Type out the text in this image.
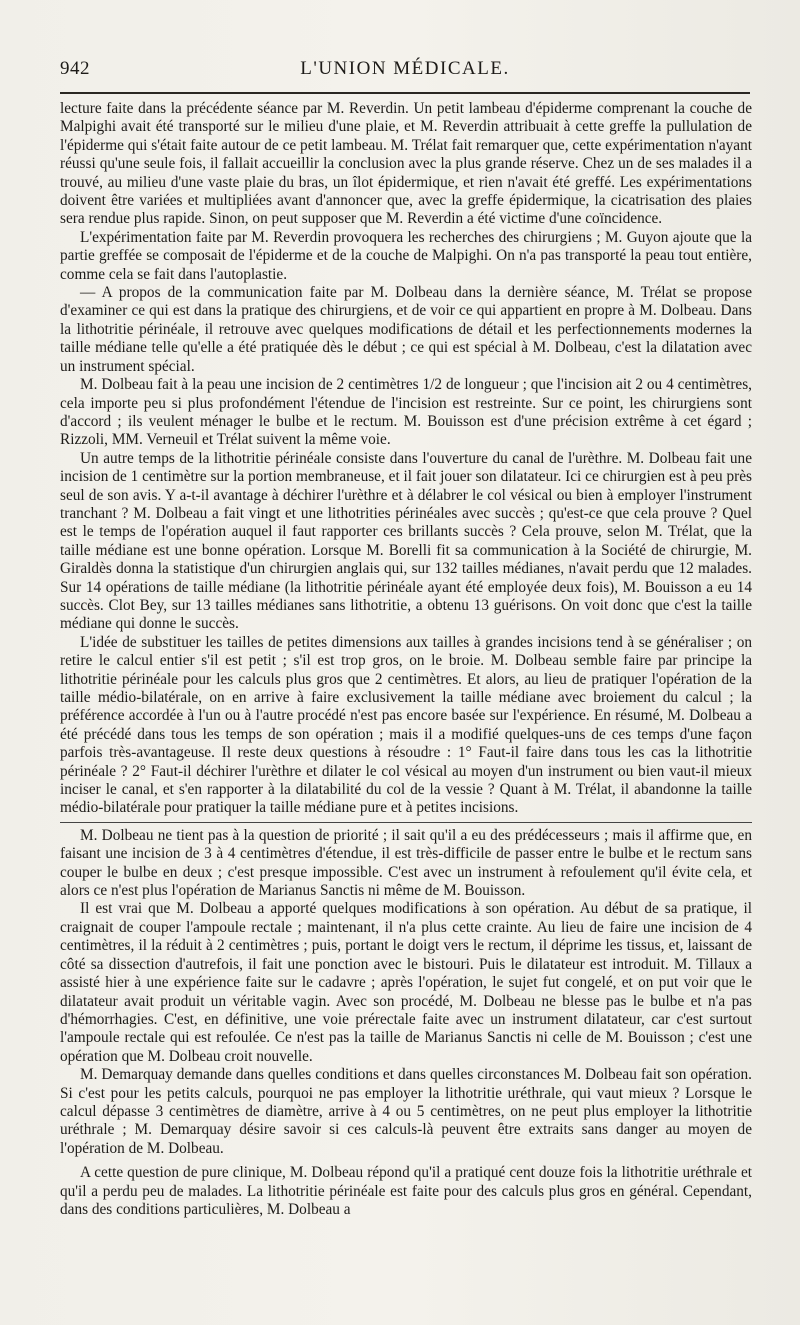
942	L'UNION MÉDICALE.

lecture faite dans la précédente séance par M. Reverdin. Un petit lambeau d'épiderme comprenant la couche de Malpighi avait été transporté sur le milieu d'une plaie, et M. Reverdin attribuait à cette greffe la pullulation de l'épiderme qui s'était faite autour de ce petit lambeau. M. Trélat fait remarquer que, cette expérimentation n'ayant réussi qu'une seule fois, il fallait accueillir la conclusion avec la plus grande réserve. Chez un de ses malades il a trouvé, au milieu d'une vaste plaie du bras, un îlot épidermique, et rien n'avait été greffé. Les expérimentations doivent être variées et multipliées avant d'annoncer que, avec la greffe épidermique, la cicatrisation des plaies sera rendue plus rapide. Sinon, on peut supposer que M. Reverdin a été victime d'une coïncidence.

L'expérimentation faite par M. Reverdin provoquera les recherches des chirurgiens ; M. Guyon ajoute que la partie greffée se composait de l'épiderme et de la couche de Malpighi. On n'a pas transporté la peau tout entière, comme cela se fait dans l'autoplastie.

— A propos de la communication faite par M. Dolbeau dans la dernière séance, M. Trélat se propose d'examiner ce qui est dans la pratique des chirurgiens, et de voir ce qui appartient en propre à M. Dolbeau. Dans la lithotritie périnéale, il retrouve avec quelques modifications de détail et les perfectionnements modernes la taille médiane telle qu'elle a été pratiquée dès le début ; ce qui est spécial à M. Dolbeau, c'est la dilatation avec un instrument spécial.

M. Dolbeau fait à la peau une incision de 2 centimètres 1/2 de longueur ; que l'incision ait 2 ou 4 centimètres, cela importe peu si plus profondément l'étendue de l'incision est restreinte. Sur ce point, les chirurgiens sont d'accord ; ils veulent ménager le bulbe et le rectum. M. Bouisson est d'une précision extrême à cet égard ; Rizzoli, MM. Verneuil et Trélat suivent la même voie.

Un autre temps de la lithotritie périnéale consiste dans l'ouverture du canal de l'urèthre. M. Dolbeau fait une incision de 1 centimètre sur la portion membraneuse, et il fait jouer son dilatateur. Ici ce chirurgien est à peu près seul de son avis. Y a-t-il avantage à déchirer l'urèthre et à délabrer le col vésical ou bien à employer l'instrument tranchant ? M. Dolbeau a fait vingt et une lithotrities périnéales avec succès ; qu'est-ce que cela prouve ? Quel est le temps de l'opération auquel il faut rapporter ces brillants succès ? Cela prouve, selon M. Trélat, que la taille médiane est une bonne opération. Lorsque M. Borelli fit sa communication à la Société de chirurgie, M. Giraldès donna la statistique d'un chirurgien anglais qui, sur 132 tailles médianes, n'avait perdu que 12 malades. Sur 14 opérations de taille médiane (la lithotritie périnéale ayant été employée deux fois), M. Bouisson a eu 14 succès. Clot Bey, sur 13 tailles médianes sans lithotritie, a obtenu 13 guérisons. On voit donc que c'est la taille médiane qui donne le succès.

L'idée de substituer les tailles de petites dimensions aux tailles à grandes incisions tend à se généraliser ; on retire le calcul entier s'il est petit ; s'il est trop gros, on le broie. M. Dolbeau semble faire par principe la lithotritie périnéale pour les calculs plus gros que 2 centimètres. Et alors, au lieu de pratiquer l'opération de la taille médio-bilatérale, on en arrive à faire exclusivement la taille médiane avec broiement du calcul ; la préférence accordée à l'un ou à l'autre procédé n'est pas encore basée sur l'expérience. En résumé, M. Dolbeau a été précédé dans tous les temps de son opération ; mais il a modifié quelques-uns de ces temps d'une façon parfois très-avantageuse. Il reste deux questions à résoudre : 1° Faut-il faire dans tous les cas la lithotritie périnéale ? 2° Faut-il déchirer l'urèthre et dilater le col vésical au moyen d'un instrument ou bien vaut-il mieux inciser le canal, et s'en rapporter à la dilatabilité du col de la vessie ? Quant à M. Trélat, il abandonne la taille médio-bilatérale pour pratiquer la taille médiane pure et à petites incisions.

M. Dolbeau ne tient pas à la question de priorité ; il sait qu'il a eu des prédécesseurs ; mais il affirme que, en faisant une incision de 3 à 4 centimètres d'étendue, il est très-difficile de passer entre le bulbe et le rectum sans couper le bulbe en deux ; c'est presque impossible. C'est avec un instrument à refoulement qu'il évite cela, et alors ce n'est plus l'opération de Marianus Sanctis ni même de M. Bouisson.

Il est vrai que M. Dolbeau a apporté quelques modifications à son opération. Au début de sa pratique, il craignait de couper l'ampoule rectale ; maintenant, il n'a plus cette crainte. Au lieu de faire une incision de 4 centimètres, il la réduit à 2 centimètres ; puis, portant le doigt vers le rectum, il déprime les tissus, et, laissant de côté sa dissection d'autrefois, il fait une ponction avec le bistouri. Puis le dilatateur est introduit. M. Tillaux a assisté hier à une expérience faite sur le cadavre ; après l'opération, le sujet fut congelé, et on put voir que le dilatateur avait produit un véritable vagin. Avec son procédé, M. Dolbeau ne blesse pas le bulbe et n'a pas d'hémorrhagies. C'est, en définitive, une voie prérectale faite avec un instrument dilatateur, car c'est surtout l'ampoule rectale qui est refoulée. Ce n'est pas la taille de Marianus Sanctis ni celle de M. Bouisson ; c'est une opération que M. Dolbeau croit nouvelle.

M. Demarquay demande dans quelles conditions et dans quelles circonstances M. Dolbeau fait son opération. Si c'est pour les petits calculs, pourquoi ne pas employer la lithotritie uréthrale, qui vaut mieux ? Lorsque le calcul dépasse 3 centimètres de diamètre, arrive à 4 ou 5 centimètres, on ne peut plus employer la lithotritie uréthrale ; M. Demarquay désire savoir si ces calculs-là peuvent être extraits sans danger au moyen de l'opération de M. Dolbeau.

A cette question de pure clinique, M. Dolbeau répond qu'il a pratiqué cent douze fois la lithotritie uréthrale et qu'il a perdu peu de malades. La lithotritie périnéale est faite pour des calculs plus gros en général. Cependant, dans des conditions particulières, M. Dolbeau a
